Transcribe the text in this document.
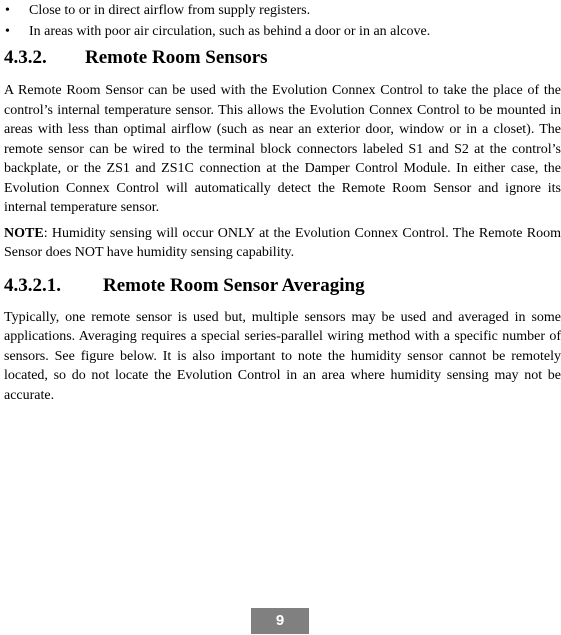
•	Close to or in direct airflow from supply registers.
•	In areas with poor air circulation, such as behind a door or in an alcove.
4.3.2.	Remote Room Sensors

A Remote Room Sensor can be used with the Evolution Connex Control to take the place of the control’s internal temperature sensor. This allows the Evolution Connex Control to be mounted in areas with less than optimal airflow (such as near an exterior door, window or in a closet). The remote sensor can be wired to the terminal block connectors labeled S1 and S2 at the control’s backplate, or the ZS1 and ZS1C connection at the Damper Control Module. In either case, the Evolution Connex Control will automatically detect the Remote Room Sensor and ignore its internal temperature sensor.

NOTE: Humidity sensing will occur ONLY at the Evolution Connex Control. The Remote Room Sensor does NOT have humidity sensing capability.

4.3.2.1.	Remote Room Sensor Averaging

Typically, one remote sensor is used but, multiple sensors may be used and averaged in some applications. Averaging requires a special series-parallel wiring method with a specific number of sensors. See figure below. It is also important to note the humidity sensor cannot be remotely located, so do not locate the Evolution Control in an area where humidity sensing may not be accurate.

9
